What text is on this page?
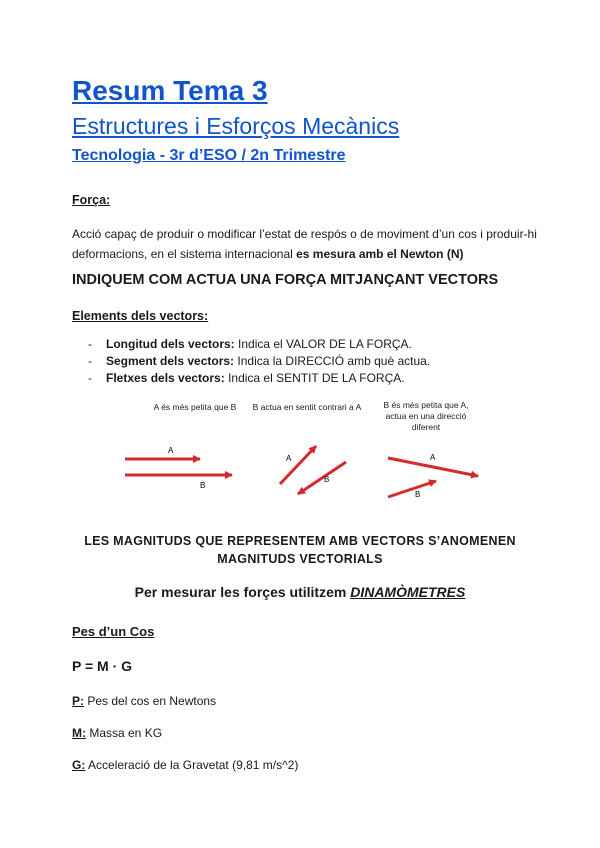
Resum Tema 3
Estructures i Esforços Mecànics
Tecnologia - 3r d’ESO / 2n Trimestre
Força:
Acció capaç de produir o modificar l’estat de respós o de moviment d’un cos i produir-hi deformacions, en el sistema internacional es mesura amb el Newton (N)
INDIQUEM COM ACTUA UNA FORÇA MITJANÇANT VECTORS
Elements dels vectors:
- Longitud dels vectors: Indica el VALOR DE LA FORÇA.
- Segment dels vectors: Indica la DIRECCIÓ amb què actua.
- Fletxes dels vectors: Indica el SENTIT DE LA FORÇA.
A és més petita que B	B actua en sentit contrari a A	B és més petita que A, actua en una direcció diferent
A
B
A
B
A
B
LES MAGNITUDS QUE REPRESENTEM AMB VECTORS S’ANOMENEN MAGNITUDS VECTORIALS
Per mesurar les forçes utilitzem DINAMÒMETRES
Pes d’un Cos
P = M · G
P: Pes del cos en Newtons
M: Massa en KG
G: Acceleració de la Gravetat (9,81 m/s^2)
